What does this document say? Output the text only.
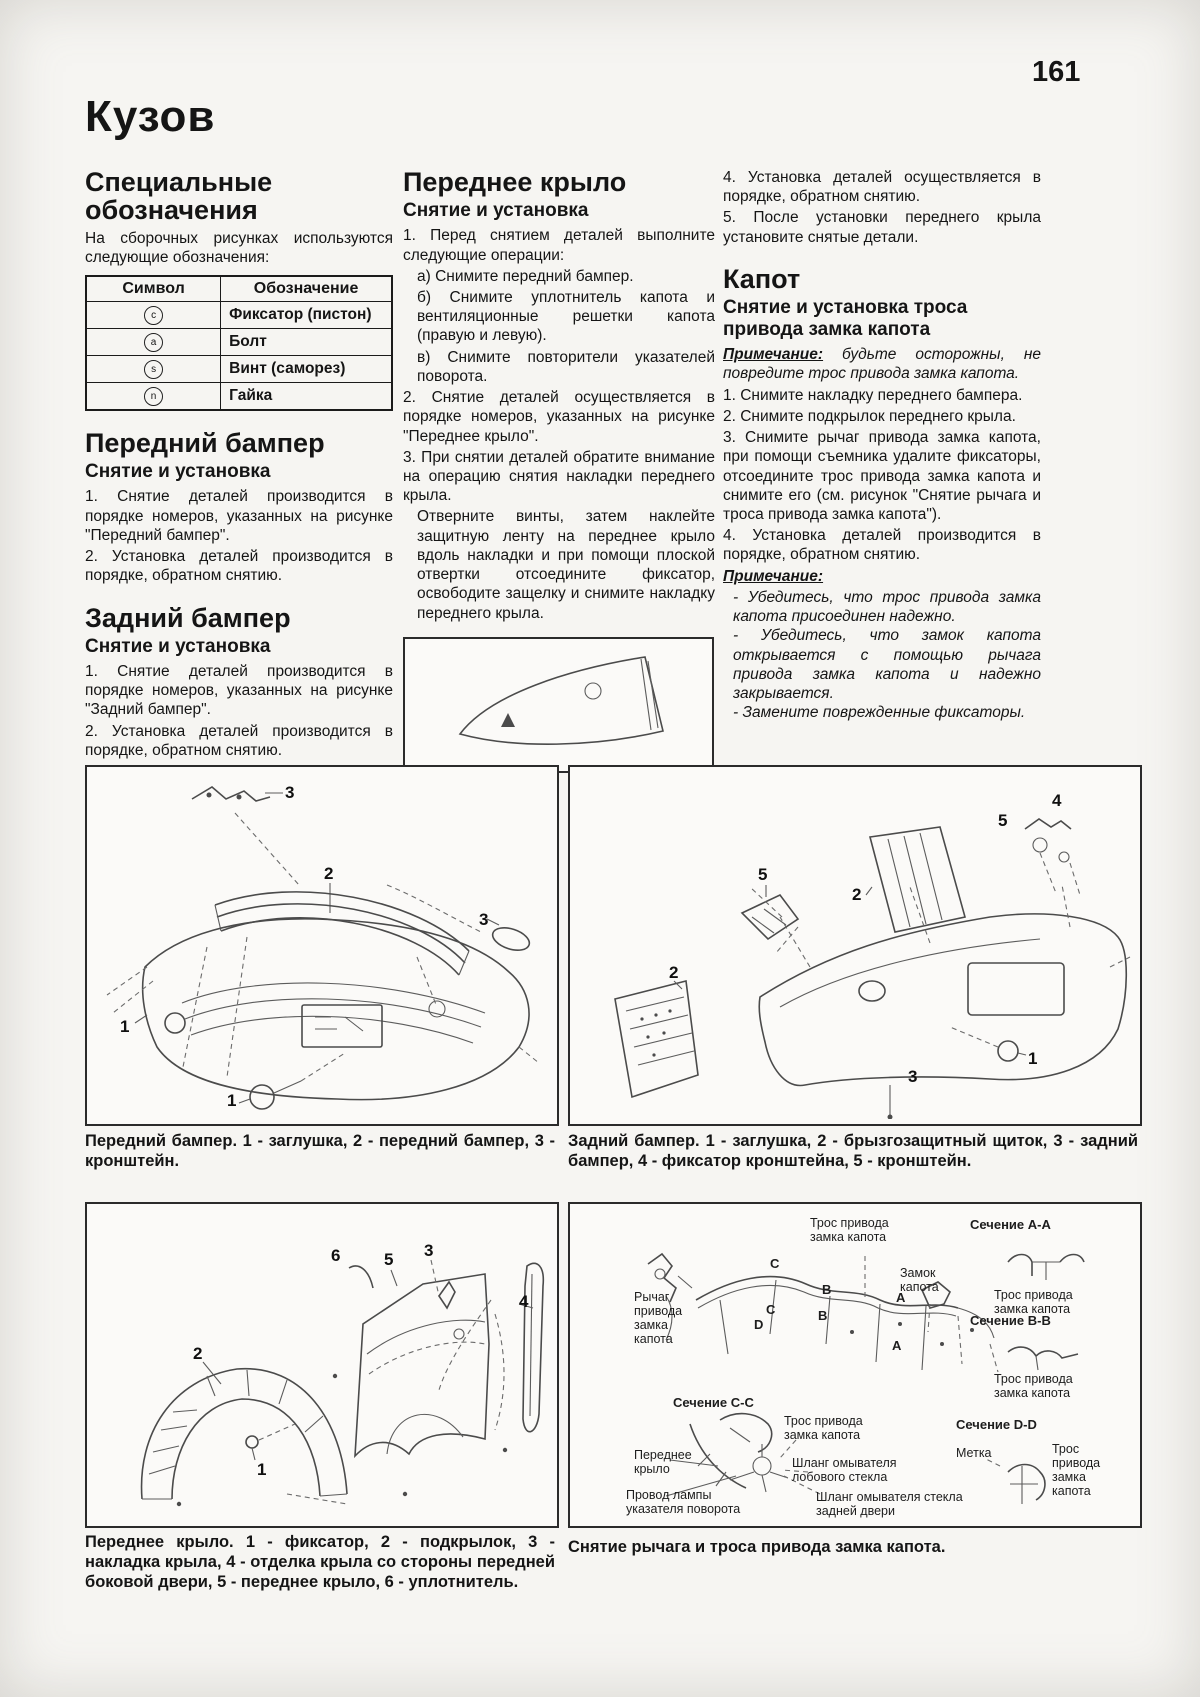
161
Кузов
Специальные обозначения

На сборочных рисунках используются следующие обозначения:

Символ	Обозначение
c	Фиксатор (пистон)
a	Болт
s	Винт (саморез)
n	Гайка
Передний бампер
Снятие и установка

1. Снятие деталей производится в порядке номеров, указанных на рисунке "Передний бампер".

2. Установка деталей производится в порядке, обратном снятию.

Задний бампер
Снятие и установка

1. Снятие деталей производится в порядке номеров, указанных на рисунке "Задний бампер".

2. Установка деталей производится в порядке, обратном снятию.

Переднее крыло
Снятие и установка

1. Перед снятием деталей выполните следующие операции:

а) Снимите передний бампер.

б) Снимите уплотнитель капота и вентиляционные решетки капота (правую и левую).

в) Снимите повторители указателей поворота.

2. Снятие деталей осуществляется в порядке номеров, указанных на рисунке "Переднее крыло".

3. При снятии деталей обратите внимание на операцию снятия накладки переднего крыла.

Отверните винты, затем наклейте защитную ленту на переднее крыло вдоль накладки и при помощи плоской отвертки отсоедините фиксатор, освободите защелку и снимите накладку переднего крыла.

4. Установка деталей осуществляется в порядке, обратном снятию.

5. После установки переднего крыла установите снятые детали.

Капот
Снятие и установка троса привода замка капота

Примечание: будьте осторожны, не повредите трос привода замка капота.

1. Снимите накладку переднего бампера.

2. Снимите подкрылок переднего крыла.

3. Снимите рычаг привода замка капота, при помощи съемника удалите фиксаторы, отсоедините трос привода замка капота и снимите его (см. рисунок "Снятие рычага и троса привода замка капота").

4. Установка деталей производится в порядке, обратном снятию.

Примечание:

- Убедитесь, что трос привода замка капота присоединен надежно.

- Убедитесь, что замок капота открывается с помощью рычага привода замка капота и надежно закрывается.

- Замените поврежденные фиксаторы.

3
2
3
1
1
Передний бампер. 1 - заглушка, 2 - передний бампер, 3 - кронштейн.
4
5
2
5
2
3
1
Задний бампер. 1 - заглушка, 2 - брызгозащитный щиток, 3 - задний бампер, 4 - фиксатор кронштейна, 5 - кронштейн.
6	5 3
4
2
1
Переднее крыло. 1 - фиксатор, 2 - подкрылок, 3 - накладка крыла, 4 - отделка крыла со стороны передней боковой двери, 5 - переднее крыло, 6 - уплотнитель.
Трос привода замка капота
Сечение А-А
Замок капота
Трос привода замка капота
Сечение В-В
Рычаг привода замка капота
Трос привода замка капота
Сечение С-С
Трос привода замка капота
Сечение D-D
Метка	Трос привода замка капота
Переднее крыло	Шланг омывателя лобового стекла
Шланг омывателя стекла задней двери
Провод лампы указателя поворота
C
B
C
D
B
A
A
Снятие рычага и троса привода замка капота.
